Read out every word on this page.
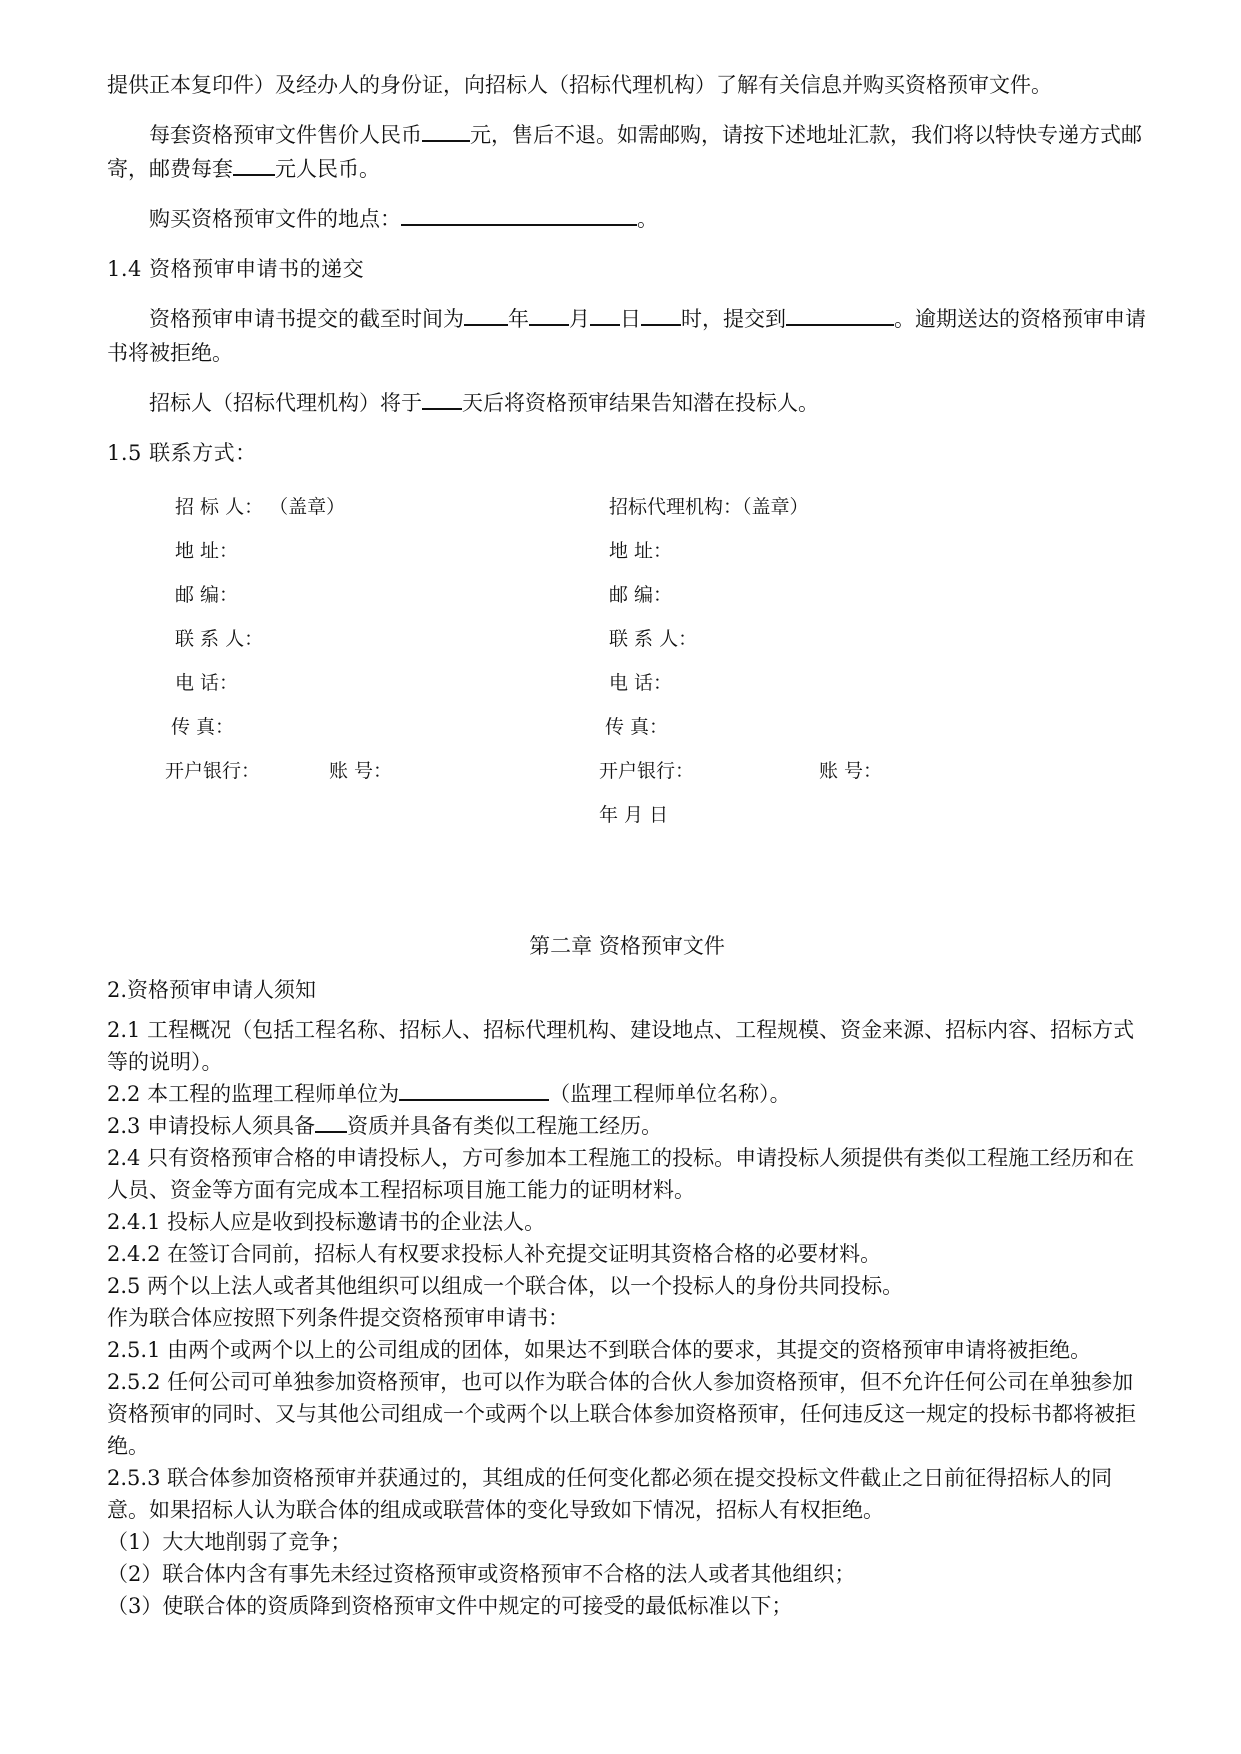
提供正本复印件）及经办人的身份证，向招标人（招标代理机构）了解有关信息并购买资格预审文件。

每套资格预审文件售价人民币 元，售后不退。如需邮购，请按下述地址汇款，我们将以特快专递方式邮寄，邮费每套 元人民币。

购买资格预审文件的地点：	。

1.4 资格预审申请书的递交

资格预审申请书提交的截至时间为 年 月 日 时，提交到	。逾期送达的资格预审申请书将被拒绝。

招标人（招标代理机构）将于 天后将资格预审结果告知潜在投标人。

1.5 联系方式：

招 标 人： （盖章）	招标代理机构：（盖章）
地 址：	地 址：
邮 编：	邮 编：
联 系 人：	联 系 人：
电 话：	电 话：
传 真：	传 真：
开户银行：	账 号：	开户银行：	账 号：
年 月 日
第二章 资格预审文件

2.资格预审申请人须知

2.1 工程概况（包括工程名称、招标人、招标代理机构、建设地点、工程规模、资金来源、招标内容、招标方式等的说明）。

2.2 本工程的监理工程师单位为	（监理工程师单位名称）。

2.3 申请投标人须具备 资质并具备有类似工程施工经历。

2.4 只有资格预审合格的申请投标人，方可参加本工程施工的投标。申请投标人须提供有类似工程施工经历和在人员、资金等方面有完成本工程招标项目施工能力的证明材料。

2.4.1 投标人应是收到投标邀请书的企业法人。

2.4.2 在签订合同前，招标人有权要求投标人补充提交证明其资格合格的必要材料。

2.5 两个以上法人或者其他组织可以组成一个联合体，以一个投标人的身份共同投标。

作为联合体应按照下列条件提交资格预审申请书：

2.5.1 由两个或两个以上的公司组成的团体，如果达不到联合体的要求，其提交的资格预审申请将被拒绝。

2.5.2 任何公司可单独参加资格预审，也可以作为联合体的合伙人参加资格预审，但不允许任何公司在单独参加资格预审的同时、又与其他公司组成一个或两个以上联合体参加资格预审，任何违反这一规定的投标书都将被拒绝。

2.5.3 联合体参加资格预审并获通过的，其组成的任何变化都必须在提交投标文件截止之日前征得招标人的同意。如果招标人认为联合体的组成或联营体的变化导致如下情况，招标人有权拒绝。

（1）大大地削弱了竞争；

（2）联合体内含有事先未经过资格预审或资格预审不合格的法人或者其他组织；

（3）使联合体的资质降到资格预审文件中规定的可接受的最低标准以下；
